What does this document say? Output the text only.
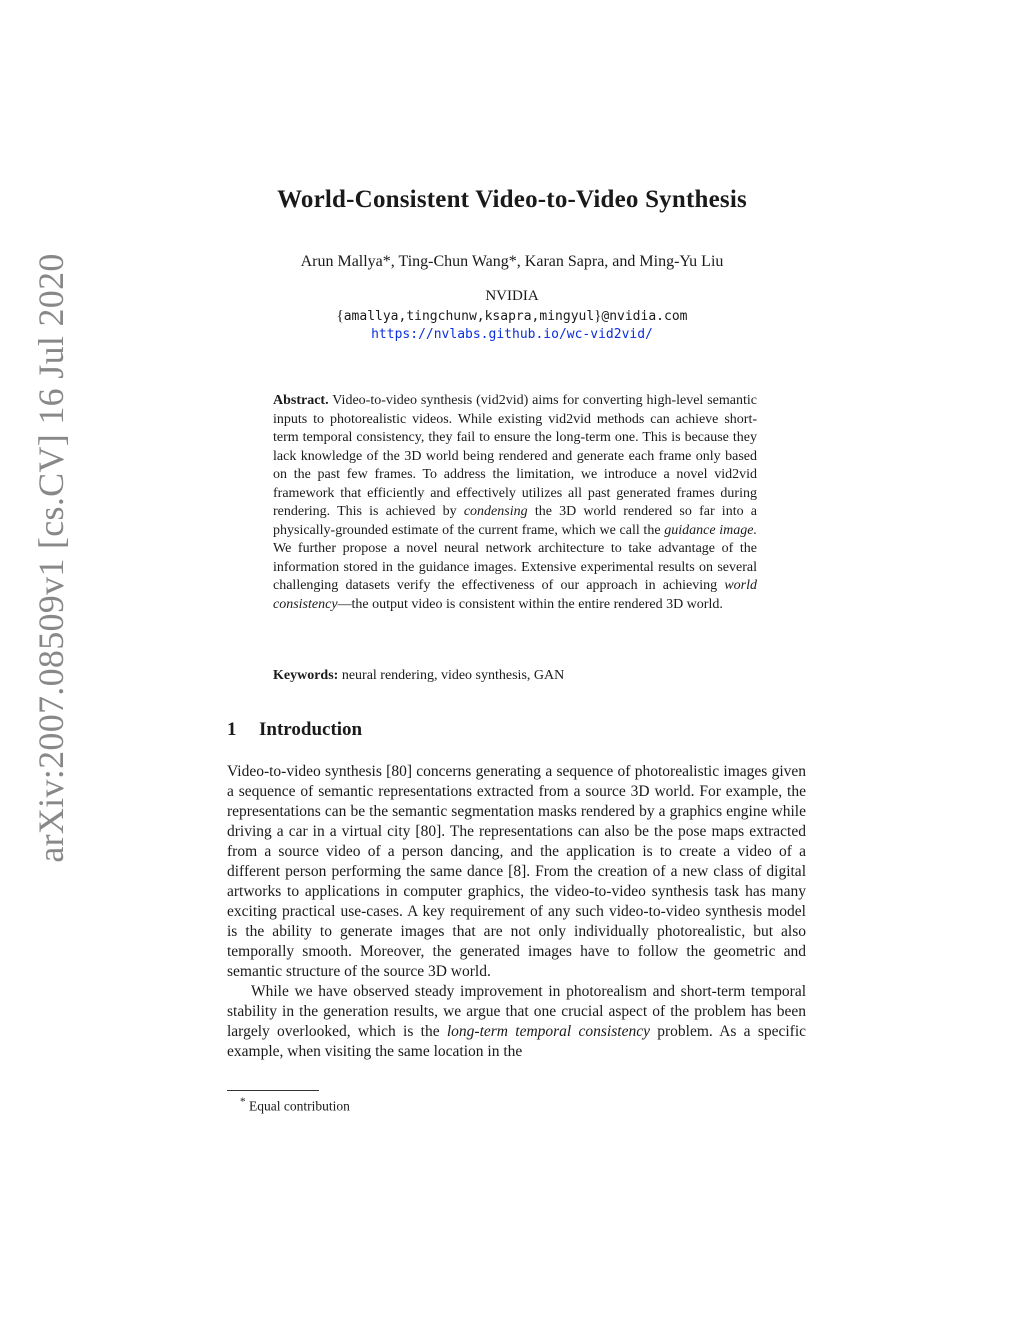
arXiv:2007.08509v1 [cs.CV] 16 Jul 2020
World-Consistent Video-to-Video Synthesis
Arun Mallya*, Ting-Chun Wang*, Karan Sapra, and Ming-Yu Liu
NVIDIA
{amallya,tingchunw,ksapra,mingyul}@nvidia.com
https://nvlabs.github.io/wc-vid2vid/

Abstract. Video-to-video synthesis (vid2vid) aims for converting high-level semantic inputs to photorealistic videos. While existing vid2vid methods can achieve short-term temporal consistency, they fail to ensure the long-term one. This is because they lack knowledge of the 3D world being rendered and generate each frame only based on the past few frames. To address the limitation, we introduce a novel vid2vid framework that efficiently and effectively utilizes all past generated frames during rendering. This is achieved by condensing the 3D world rendered so far into a physically-grounded estimate of the current frame, which we call the guidance image. We further propose a novel neural network architecture to take advantage of the information stored in the guidance images. Extensive experimental results on several challenging datasets verify the effectiveness of our approach in achieving world consistency—the output video is consistent within the entire rendered 3D world.

Keywords: neural rendering, video synthesis, GAN
1 Introduction

Video-to-video synthesis [80] concerns generating a sequence of photorealistic images given a sequence of semantic representations extracted from a source 3D world. For example, the representations can be the semantic segmentation masks rendered by a graphics engine while driving a car in a virtual city [80]. The representations can also be the pose maps extracted from a source video of a person dancing, and the application is to create a video of a different person performing the same dance [8]. From the creation of a new class of digital artworks to applications in computer graphics, the video-to-video synthesis task has many exciting practical use-cases. A key requirement of any such video-to-video synthesis model is the ability to generate images that are not only individually photorealistic, but also temporally smooth. Moreover, the generated images have to follow the geometric and semantic structure of the source 3D world.

While we have observed steady improvement in photorealism and short-term temporal stability in the generation results, we argue that one crucial aspect of the problem has been largely overlooked, which is the long-term temporal consistency problem. As a specific example, when visiting the same location in the

* Equal contribution
